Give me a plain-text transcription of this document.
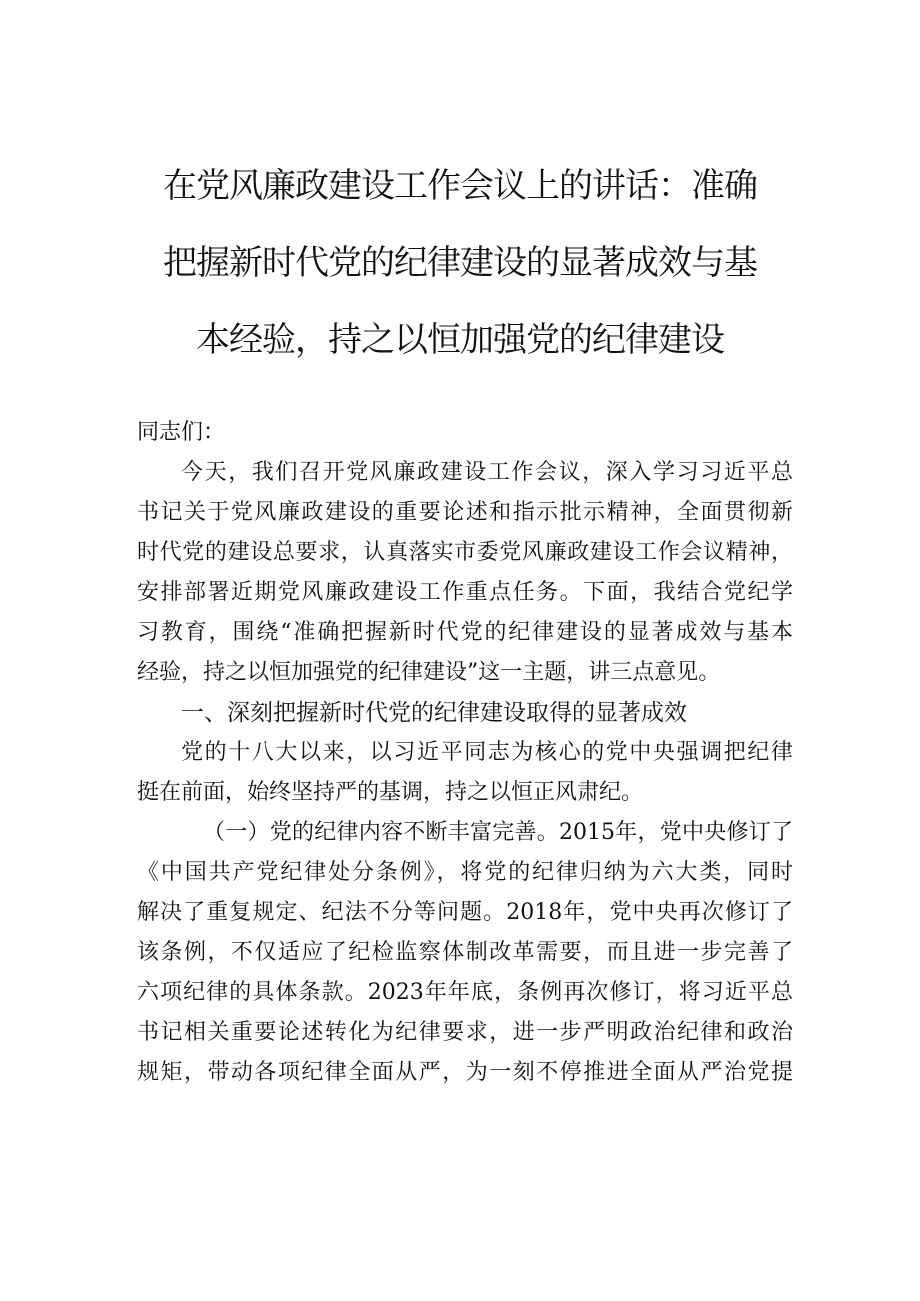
在党风廉政建设工作会议上的讲话：准确
把握新时代党的纪律建设的显著成效与基
本经验，持之以恒加强党的纪律建设
同志们：
今天，我们召开党风廉政建设工作会议，深入学习习近平总
书记关于党风廉政建设的重要论述和指示批示精神，全面贯彻新
时代党的建设总要求，认真落实市委党风廉政建设工作会议精神，
安排部署近期党风廉政建设工作重点任务。下面，我结合党纪学
习教育，围绕“准确把握新时代党的纪律建设的显著成效与基本
经验，持之以恒加强党的纪律建设”这一主题，讲三点意见。
一、深刻把握新时代党的纪律建设取得的显著成效
党的十八大以来，以习近平同志为核心的党中央强调把纪律
挺在前面，始终坚持严的基调，持之以恒正风肃纪。
（一）党的纪律内容不断丰富完善。2015年，党中央修订了
《中国共产党纪律处分条例》，将党的纪律归纳为六大类，同时
解决了重复规定、纪法不分等问题。2018年，党中央再次修订了
该条例，不仅适应了纪检监察体制改革需要，而且进一步完善了
六项纪律的具体条款。2023年年底，条例再次修订，将习近平总
书记相关重要论述转化为纪律要求，进一步严明政治纪律和政治
规矩，带动各项纪律全面从严，为一刻不停推进全面从严治党提
